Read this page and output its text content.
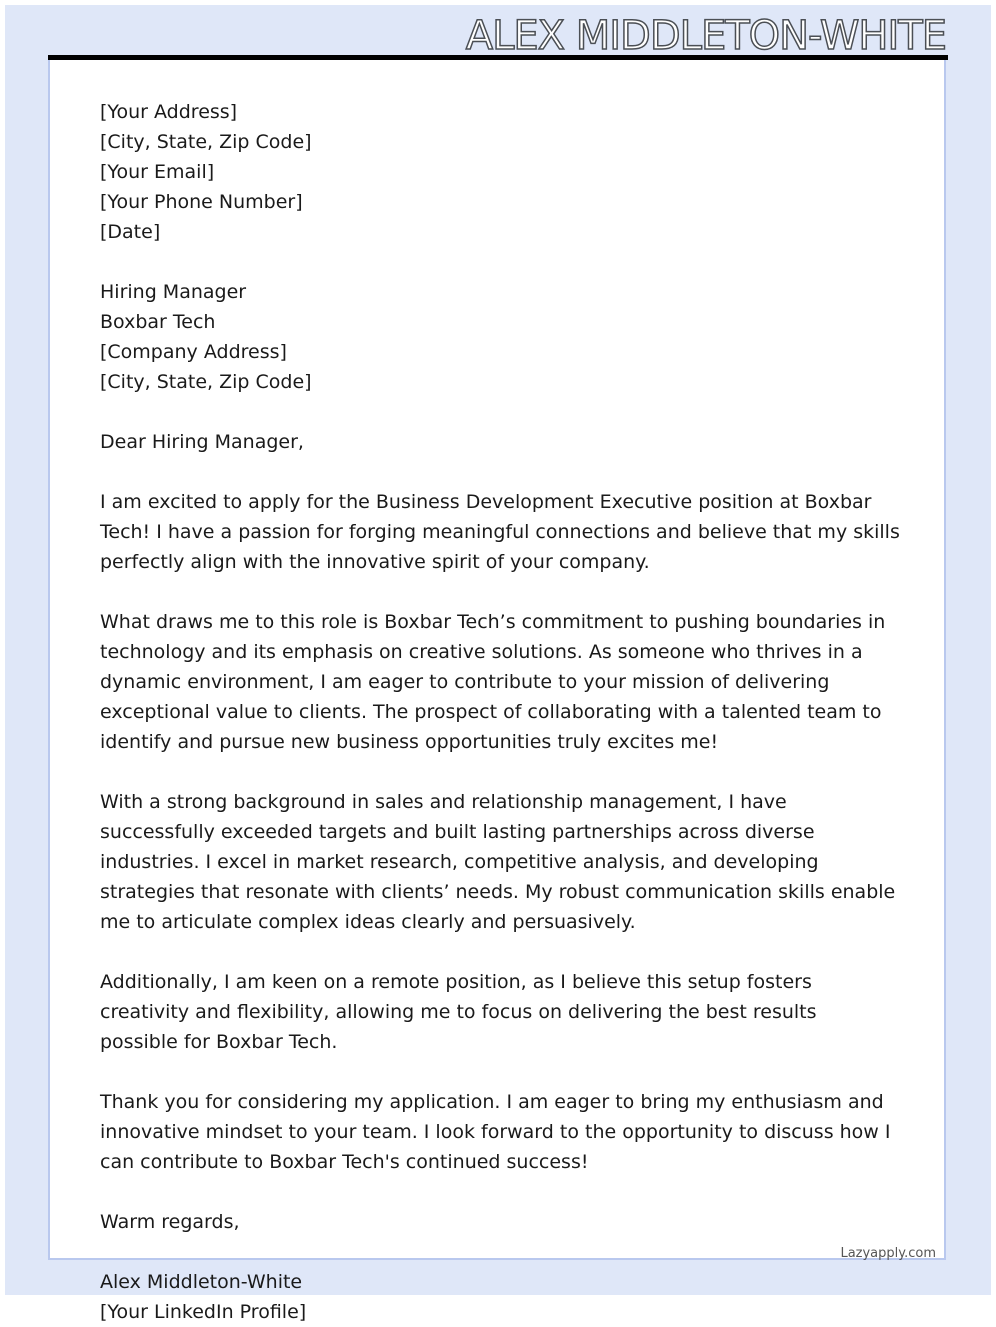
ALEX MIDDLETON-WHITE
[Your Address]
[City, State, Zip Code]
[Your Email]
[Your Phone Number]
[Date]
Hiring Manager
Boxbar Tech
[Company Address]
[City, State, Zip Code]
Dear Hiring Manager,

I am excited to apply for the Business Development Executive position at Boxbar Tech! I have a passion for forging meaningful connections and believe that my skills perfectly align with the innovative spirit of your company.

What draws me to this role is Boxbar Tech’s commitment to pushing boundaries in technology and its emphasis on creative solutions. As someone who thrives in a dynamic environment, I am eager to contribute to your mission of delivering exceptional value to clients. The prospect of collaborating with a talented team to identify and pursue new business opportunities truly excites me!

With a strong background in sales and relationship management, I have successfully exceeded targets and built lasting partnerships across diverse industries. I excel in market research, competitive analysis, and developing strategies that resonate with clients’ needs. My robust communication skills enable me to articulate complex ideas clearly and persuasively.

Additionally, I am keen on a remote position, as I believe this setup fosters creativity and flexibility, allowing me to focus on delivering the best results possible for Boxbar Tech.

Thank you for considering my application. I am eager to bring my enthusiasm and innovative mindset to your team. I look forward to the opportunity to discuss how I can contribute to Boxbar Tech's continued success!

Warm regards,
Alex Middleton-White
[Your LinkedIn Profile]
Lazyapply.com
